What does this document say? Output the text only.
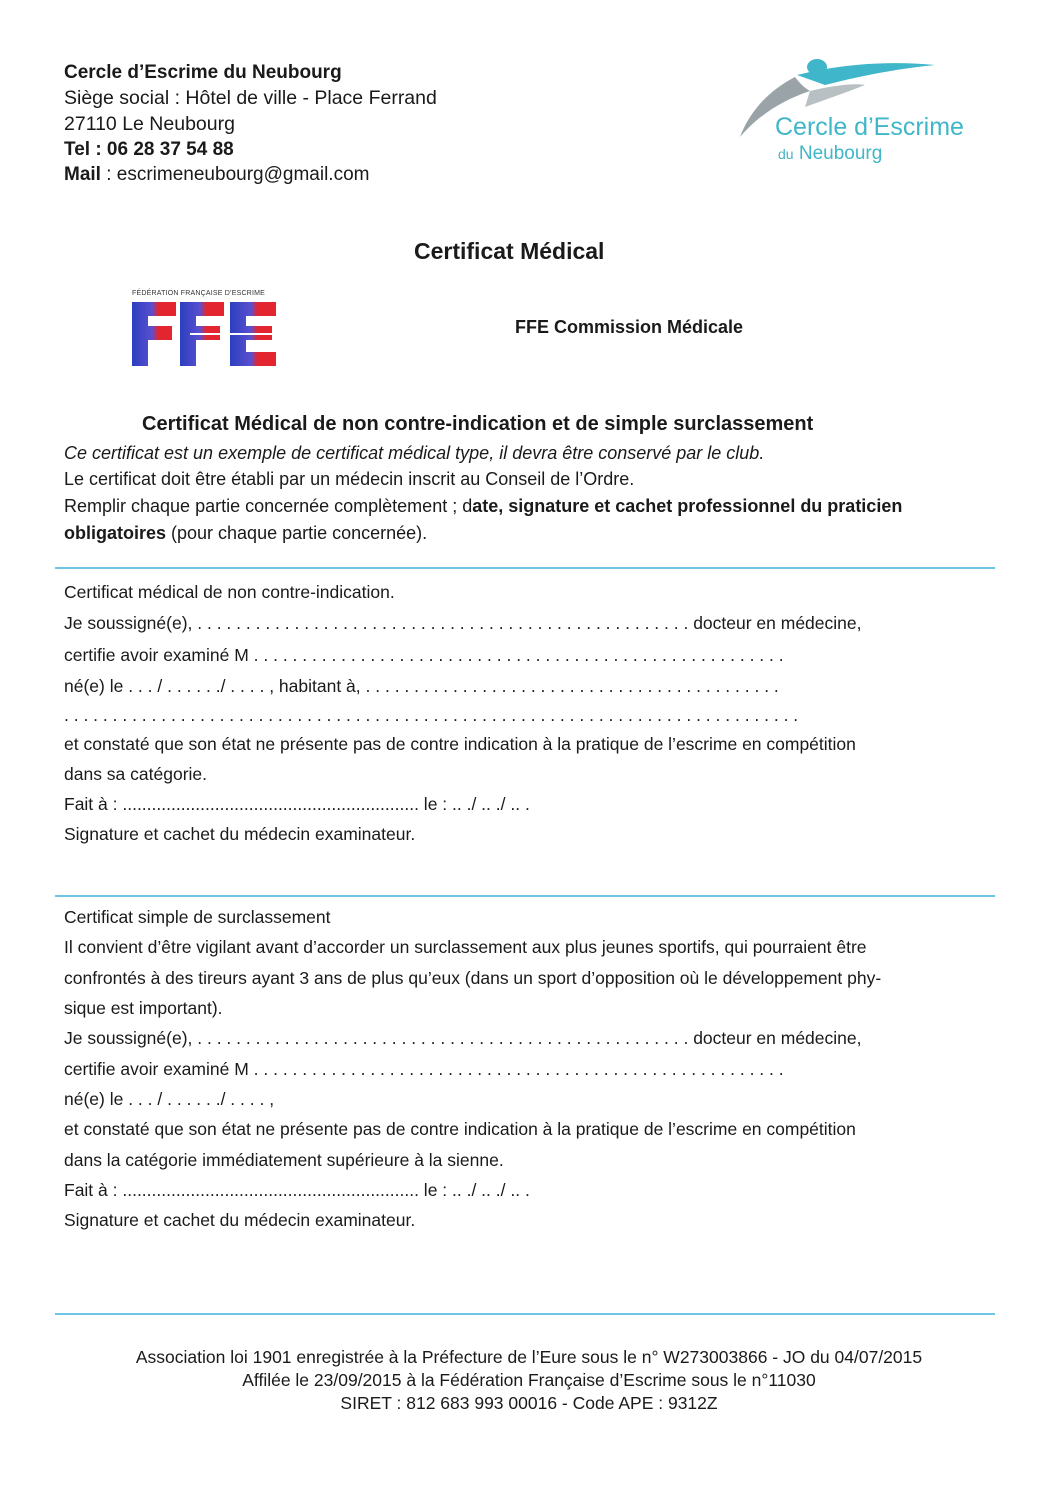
Cercle d’Escrime du Neubourg
Siège social : Hôtel de ville - Place Ferrand
27110 Le Neubourg
Tel : 06 28 37 54 88
Mail : escrimeneubourg@gmail.com
Cercle d’Escrime
du Neubourg
Certificat Médical
FÉDÉRATION FRANÇAISE D’ESCRIME
FFE Commission Médicale
Certificat Médical de non contre-indication et de simple surclassement
Ce certificat est un exemple de certificat médical type, il devra être conservé par le club.
Le certificat doit être établi par un médecin inscrit au Conseil de l’Ordre.
Remplir chaque partie concernée complètement ; date, signature et cachet professionnel du praticien
obligatoires (pour chaque partie concernée).
Certificat médical de non contre-indication.
Je soussigné(e), . . . . . . . . . . . . . . . . . . . . . . . . . . . . . . . . . . . . . . . . . . . . . . . . . . . docteur en médecine,
certifie avoir examiné M . . . . . . . . . . . . . . . . . . . . . . . . . . . . . . . . . . . . . . . . . . . . . . . . . . . . . . .
né(e) le . . . / . . . . . ./ . . . . , habitant à, . . . . . . . . . . . . . . . . . . . . . . . . . . . . . . . . . . . . . . . . . . .
. . . . . . . . . . . . . . . . . . . . . . . . . . . . . . . . . . . . . . . . . . . . . . . . . . . . . . . . . . . . . . . . . . . . . . . . . . . .
et constaté que son état ne présente pas de contre indication à la pratique de l’escrime en compétition
dans sa catégorie.
Fait à : ............................................................. le : .. ./ .. ./ .. .
Signature et cachet du médecin examinateur.
Certificat simple de surclassement
Il convient d’être vigilant avant d’accorder un surclassement aux plus jeunes sportifs, qui pourraient être
confrontés à des tireurs ayant 3 ans de plus qu’eux (dans un sport d’opposition où le développement phy-
sique est important).
Je soussigné(e), . . . . . . . . . . . . . . . . . . . . . . . . . . . . . . . . . . . . . . . . . . . . . . . . . . . docteur en médecine,
certifie avoir examiné M . . . . . . . . . . . . . . . . . . . . . . . . . . . . . . . . . . . . . . . . . . . . . . . . . . . . . . .
né(e) le . . . / . . . . . ./ . . . . ,
et constaté que son état ne présente pas de contre indication à la pratique de l’escrime en compétition
dans la catégorie immédiatement supérieure à la sienne.
Fait à : ............................................................. le : .. ./ .. ./ .. .
Signature et cachet du médecin examinateur.
Association loi 1901 enregistrée à la Préfecture de l’Eure sous le n° W273003866 - JO du 04/07/2015
Affilée le 23/09/2015 à la Fédération Française d’Escrime sous le n°11030
SIRET : 812 683 993 00016 - Code APE : 9312Z
